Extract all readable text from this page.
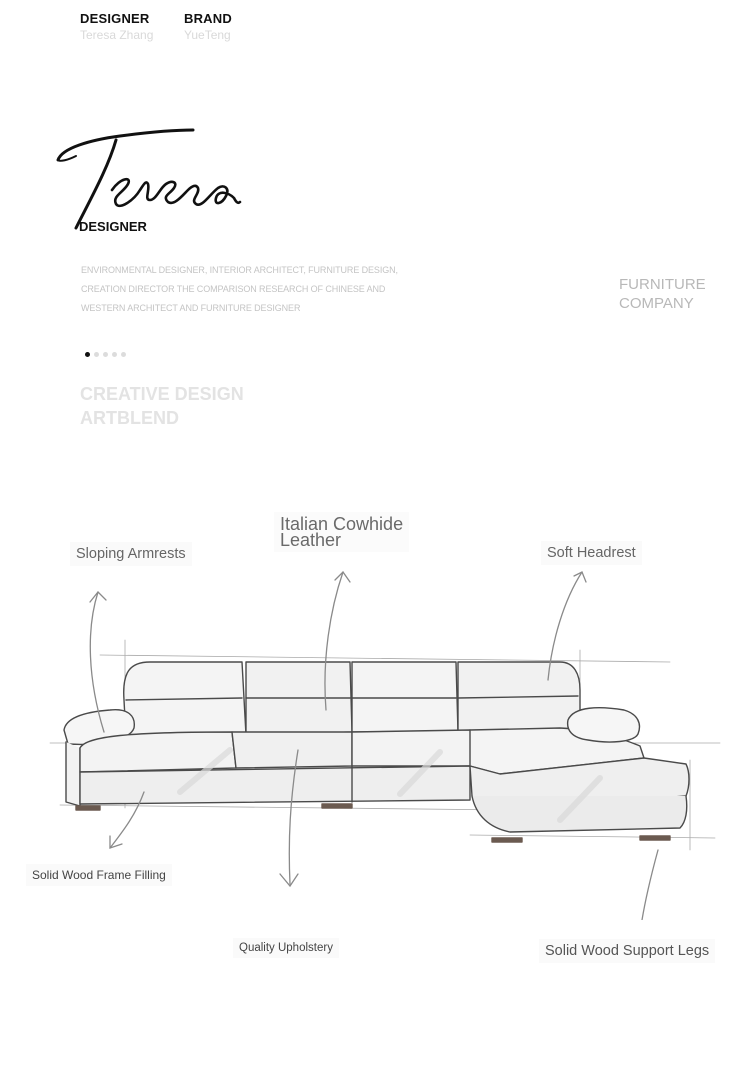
DESIGNER
Teresa Zhang
BRAND
YueTeng
DESIGNER
ENVIRONMENTAL DESIGNER, INTERIOR ARCHITECT, FURNITURE DESIGN,
CREATION DIRECTOR THE COMPARISON RESEARCH OF CHINESE AND
WESTERN ARCHITECT AND FURNITURE DESIGNER
FURNITURE
COMPANY
CREATIVE DESIGN
ARTBLEND
Sloping Armrests
Italian Cowhide
Leather
Soft Headrest
Solid Wood Frame Filling
Quality Upholstery	Solid Wood Support Legs
